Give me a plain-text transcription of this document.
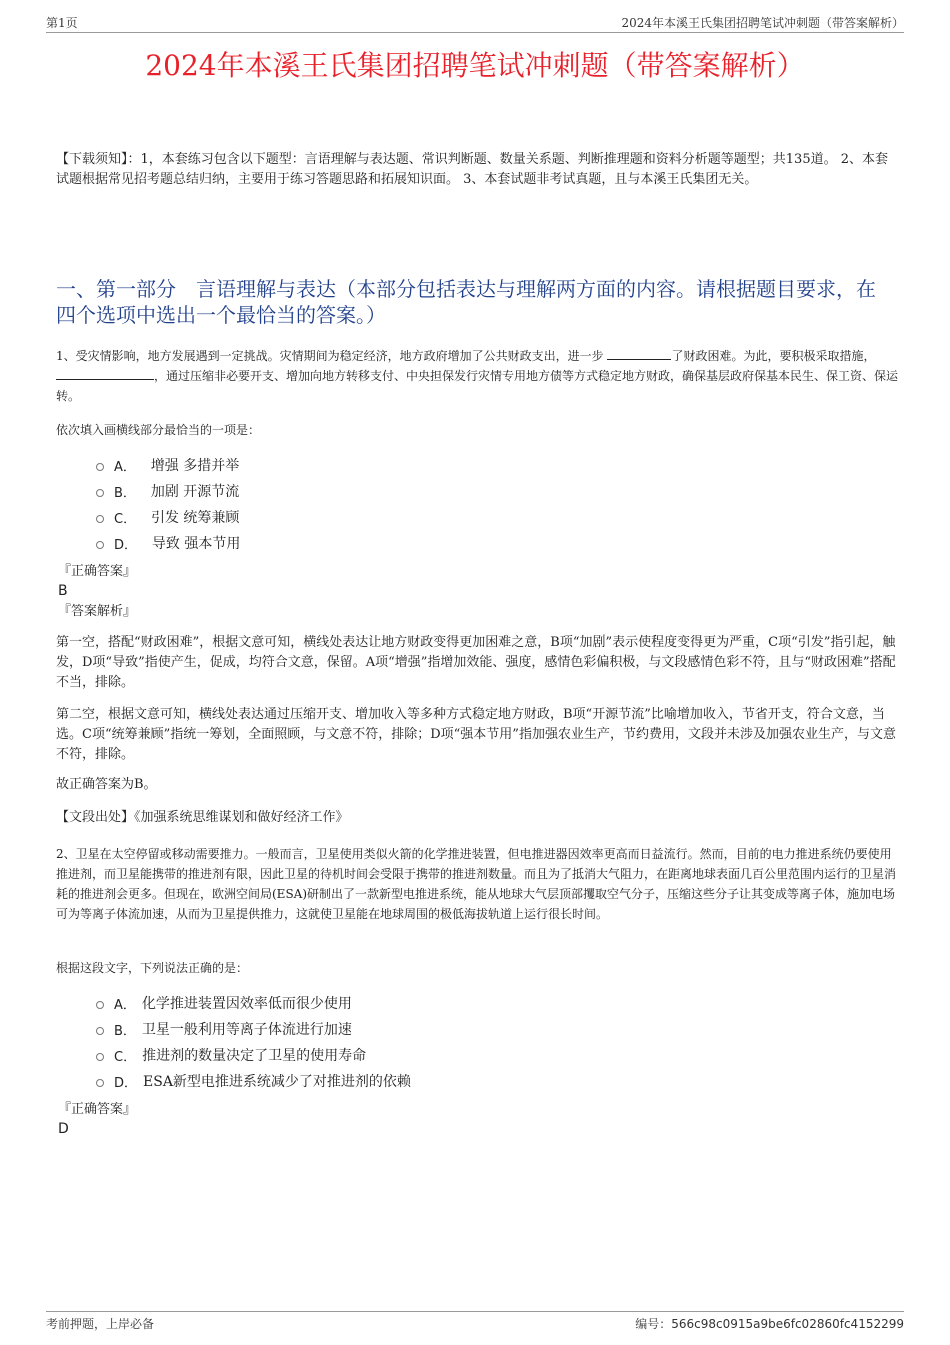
第1页	2024年本溪王氏集团招聘笔试冲刺题（带答案解析）
2024年本溪王氏集团招聘笔试冲刺题（带答案解析）

【下载须知】：1，本套练习包含以下题型：言语理解与表达题、常识判断题、数量关系题、判断推理题和资料分析题等题型；共135道。 2、本套试题根据常见招考题总结归纳，主要用于练习答题思路和拓展知识面。 3、本套试题非考试真题，且与本溪王氏集团无关。

一、第一部分　言语理解与表达（本部分包括表达与理解两方面的内容。请根据题目要求，在四个选项中选出一个最恰当的答案。）

1、受灾情影响，地方发展遇到一定挑战。灾情期间为稳定经济，地方政府增加了公共财政支出，进一步	了财政困难。为此，要积极采取措施， ，通过压缩非必要开支、增加向地方转移支付、中央担保发行灾情专用地方债等方式稳定地方财政，确保基层政府保基本民生、保工资、保运转。

依次填入画横线部分最恰当的一项是：

A． 增强 多措并举
B． 加剧 开源节流
C． 引发 统筹兼顾
D． 导致 强本节用

『正确答案』

B

『答案解析』

第一空，搭配“财政困难”，根据文意可知，横线处表达让地方财政变得更加困难之意，B项“加剧”表示使程度变得更为严重，C项“引发”指引起，触发，D项“导致”指使产生，促成，均符合文意，保留。A项“增强”指增加效能、强度，感情色彩偏积极，与文段感情色彩不符，且与“财政困难”搭配不当，排除。

第二空，根据文意可知，横线处表达通过压缩开支、增加收入等多种方式稳定地方财政，B项“开源节流”比喻增加收入，节省开支，符合文意，当选。C项“统筹兼顾”指统一筹划，全面照顾，与文意不符，排除；D项“强本节用”指加强农业生产，节约费用，文段并未涉及加强农业生产，与文意不符，排除。

故正确答案为B。

【文段出处】《加强系统思维谋划和做好经济工作》

2、卫星在太空停留或移动需要推力。一般而言，卫星使用类似火箭的化学推进装置，但电推进器因效率更高而日益流行。然而，目前的电力推进系统仍要使用推进剂，而卫星能携带的推进剂有限，因此卫星的待机时间会受限于携带的推进剂数量。而且为了抵消大气阻力，在距离地球表面几百公里范围内运行的卫星消耗的推进剂会更多。但现在，欧洲空间局(ESA)研制出了一款新型电推进系统，能从地球大气层顶部攫取空气分子，压缩这些分子让其变成等离子体，施加电场可为等离子体流加速，从而为卫星提供推力，这就使卫星能在地球周围的极低海拔轨道上运行很长时间。

根据这段文字，下列说法正确的是：

A． 化学推进装置因效率低而很少使用
B． 卫星一般利用等离子体流进行加速
C． 推进剂的数量决定了卫星的使用寿命
D． ESA新型电推进系统减少了对推进剂的依赖

『正确答案』

D

考前押题，上岸必备	编号：566c98c0915a9be6fc02860fc4152299
